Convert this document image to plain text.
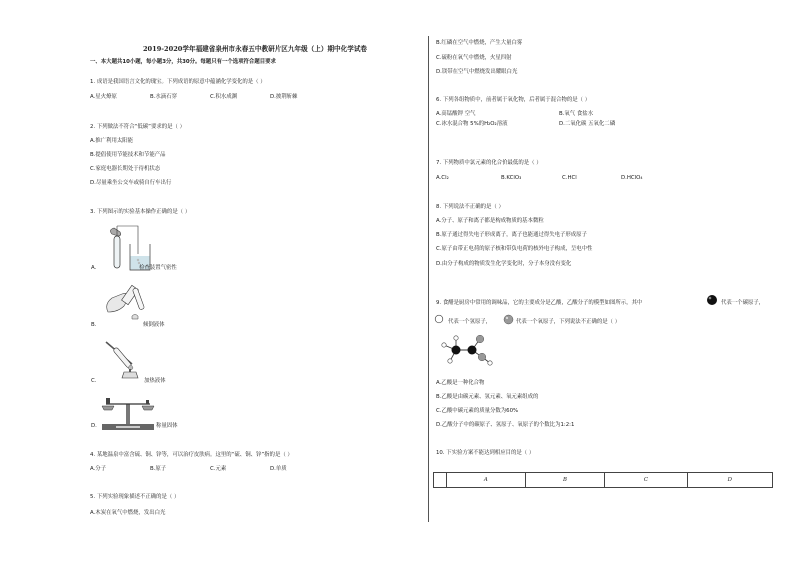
2019-2020学年福建省泉州市永春五中教研片区九年级（上）期中化学试卷
一、本大题共10小题，每小题3分，共30分。每题只有一个选项符合题目要求
1. 成语是我国语言文化的瑰宝。下列成语的原意中蕴涵化学变化的是（ ）
A.星火燎原	B.水滴石穿	C.积水成渊	D.披荆斩棘
2. 下列做法不符合“低碳”要求的是（ ）
A.推广利用太阳能
B.提倡使用节能技术和节能产品
C.家庭电器长期处于待机状态
D.尽量乘坐公交车或骑自行车出行
3. 下列图示的实验基本操作正确的是（ ）
A.	检查装置气密性
B.	倾倒液体
C.	加热液体
D.	称量固体
4. 某地温泉中富含硫、铜、锌等，可以治疗皮肤病。这里的“硫、铜、锌”指的是（ ）
A.分子	B.原子	C.元素	D.单质
5. 下列实验现象描述不正确的是（ ）
A.木炭在氧气中燃烧，发出白光
B.红磷在空气中燃烧，产生大量白雾
C.硫粉在氧气中燃烧，火星四射
D.镁带在空气中燃烧发出耀眼白光
6. 下列各组物质中，前者属于氧化物，后者属于混合物的是（ ）
A.高锰酸钾 空气	B.氧气 食盐水
C.冰水混合物 5%的H₂O₂溶液	D.二氧化碳 五氧化二磷
7. 下列物质中氯元素的化合价最低的是（ ）
A.Cl₂	B.KClO₃	C.HCl	D.HClO₄
8. 下列说法不正确的是（ ）
A.分子、原子和离子都是构成物质的基本微粒
B.原子通过得失电子形成离子，离子也能通过得失电子形成原子
C.原子由带正电荷的原子核和带负电荷的核外电子构成，呈电中性
D.由分子构成的物质发生化学变化时，分子本身没有变化
9. 食醋是厨房中常用的调味品，它的主要成分是乙酸，乙酸分子的模型如图所示，其中	代表一个碳原子，
代表一个氢原子，	代表一个氧原子，下列说法不正确的是（ ）
A.乙酸是一种化合物
B.乙酸是由碳元素、氢元素、氧元素组成的
C.乙酸中碳元素的质量分数为60%
D.乙酸分子中的碳原子、氢原子、氧原子的个数比为1:2:1
10. 下实验方案不能达到相应目的是（ ）
	A	B	C	D
